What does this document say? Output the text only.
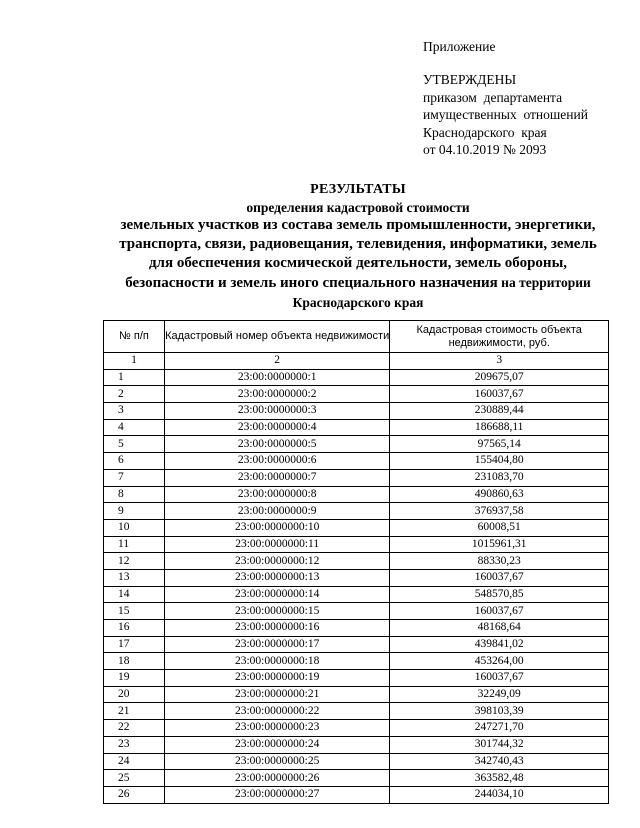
Приложение
УТВЕРЖДЕНЫ
приказом  департамента
имущественных  отношений
Краснодарского  края
от 04.10.2019 № 2093
РЕЗУЛЬТАТЫ
определения кадастровой стоимости
земельных участков из состава земель промышленности, энергетики,
транспорта, связи, радиовещания, телевидения, информатики, земель
для обеспечения космической деятельности, земель обороны,
безопасности и земель иного специального назначения на территории
Краснодарского края
№ п/п	Кадастровый номер объекта недвижимости	Кадастровая стоимость объекта недвижимости, руб.
1	2	3
1	23:00:0000000:1	209675,07
2	23:00:0000000:2	160037,67
3	23:00:0000000:3	230889,44
4	23:00:0000000:4	186688,11
5	23:00:0000000:5	97565,14
6	23:00:0000000:6	155404,80
7	23:00:0000000:7	231083,70
8	23:00:0000000:8	490860,63
9	23:00:0000000:9	376937,58
10	23:00:0000000:10	60008,51
11	23:00:0000000:11	1015961,31
12	23:00:0000000:12	88330,23
13	23:00:0000000:13	160037,67
14	23:00:0000000:14	548570,85
15	23:00:0000000:15	160037,67
16	23:00:0000000:16	48168,64
17	23:00:0000000:17	439841,02
18	23:00:0000000:18	453264,00
19	23:00:0000000:19	160037,67
20	23:00:0000000:21	32249,09
21	23:00:0000000:22	398103,39
22	23:00:0000000:23	247271,70
23	23:00:0000000:24	301744,32
24	23:00:0000000:25	342740,43
25	23:00:0000000:26	363582,48
26	23:00:0000000:27	244034,10
